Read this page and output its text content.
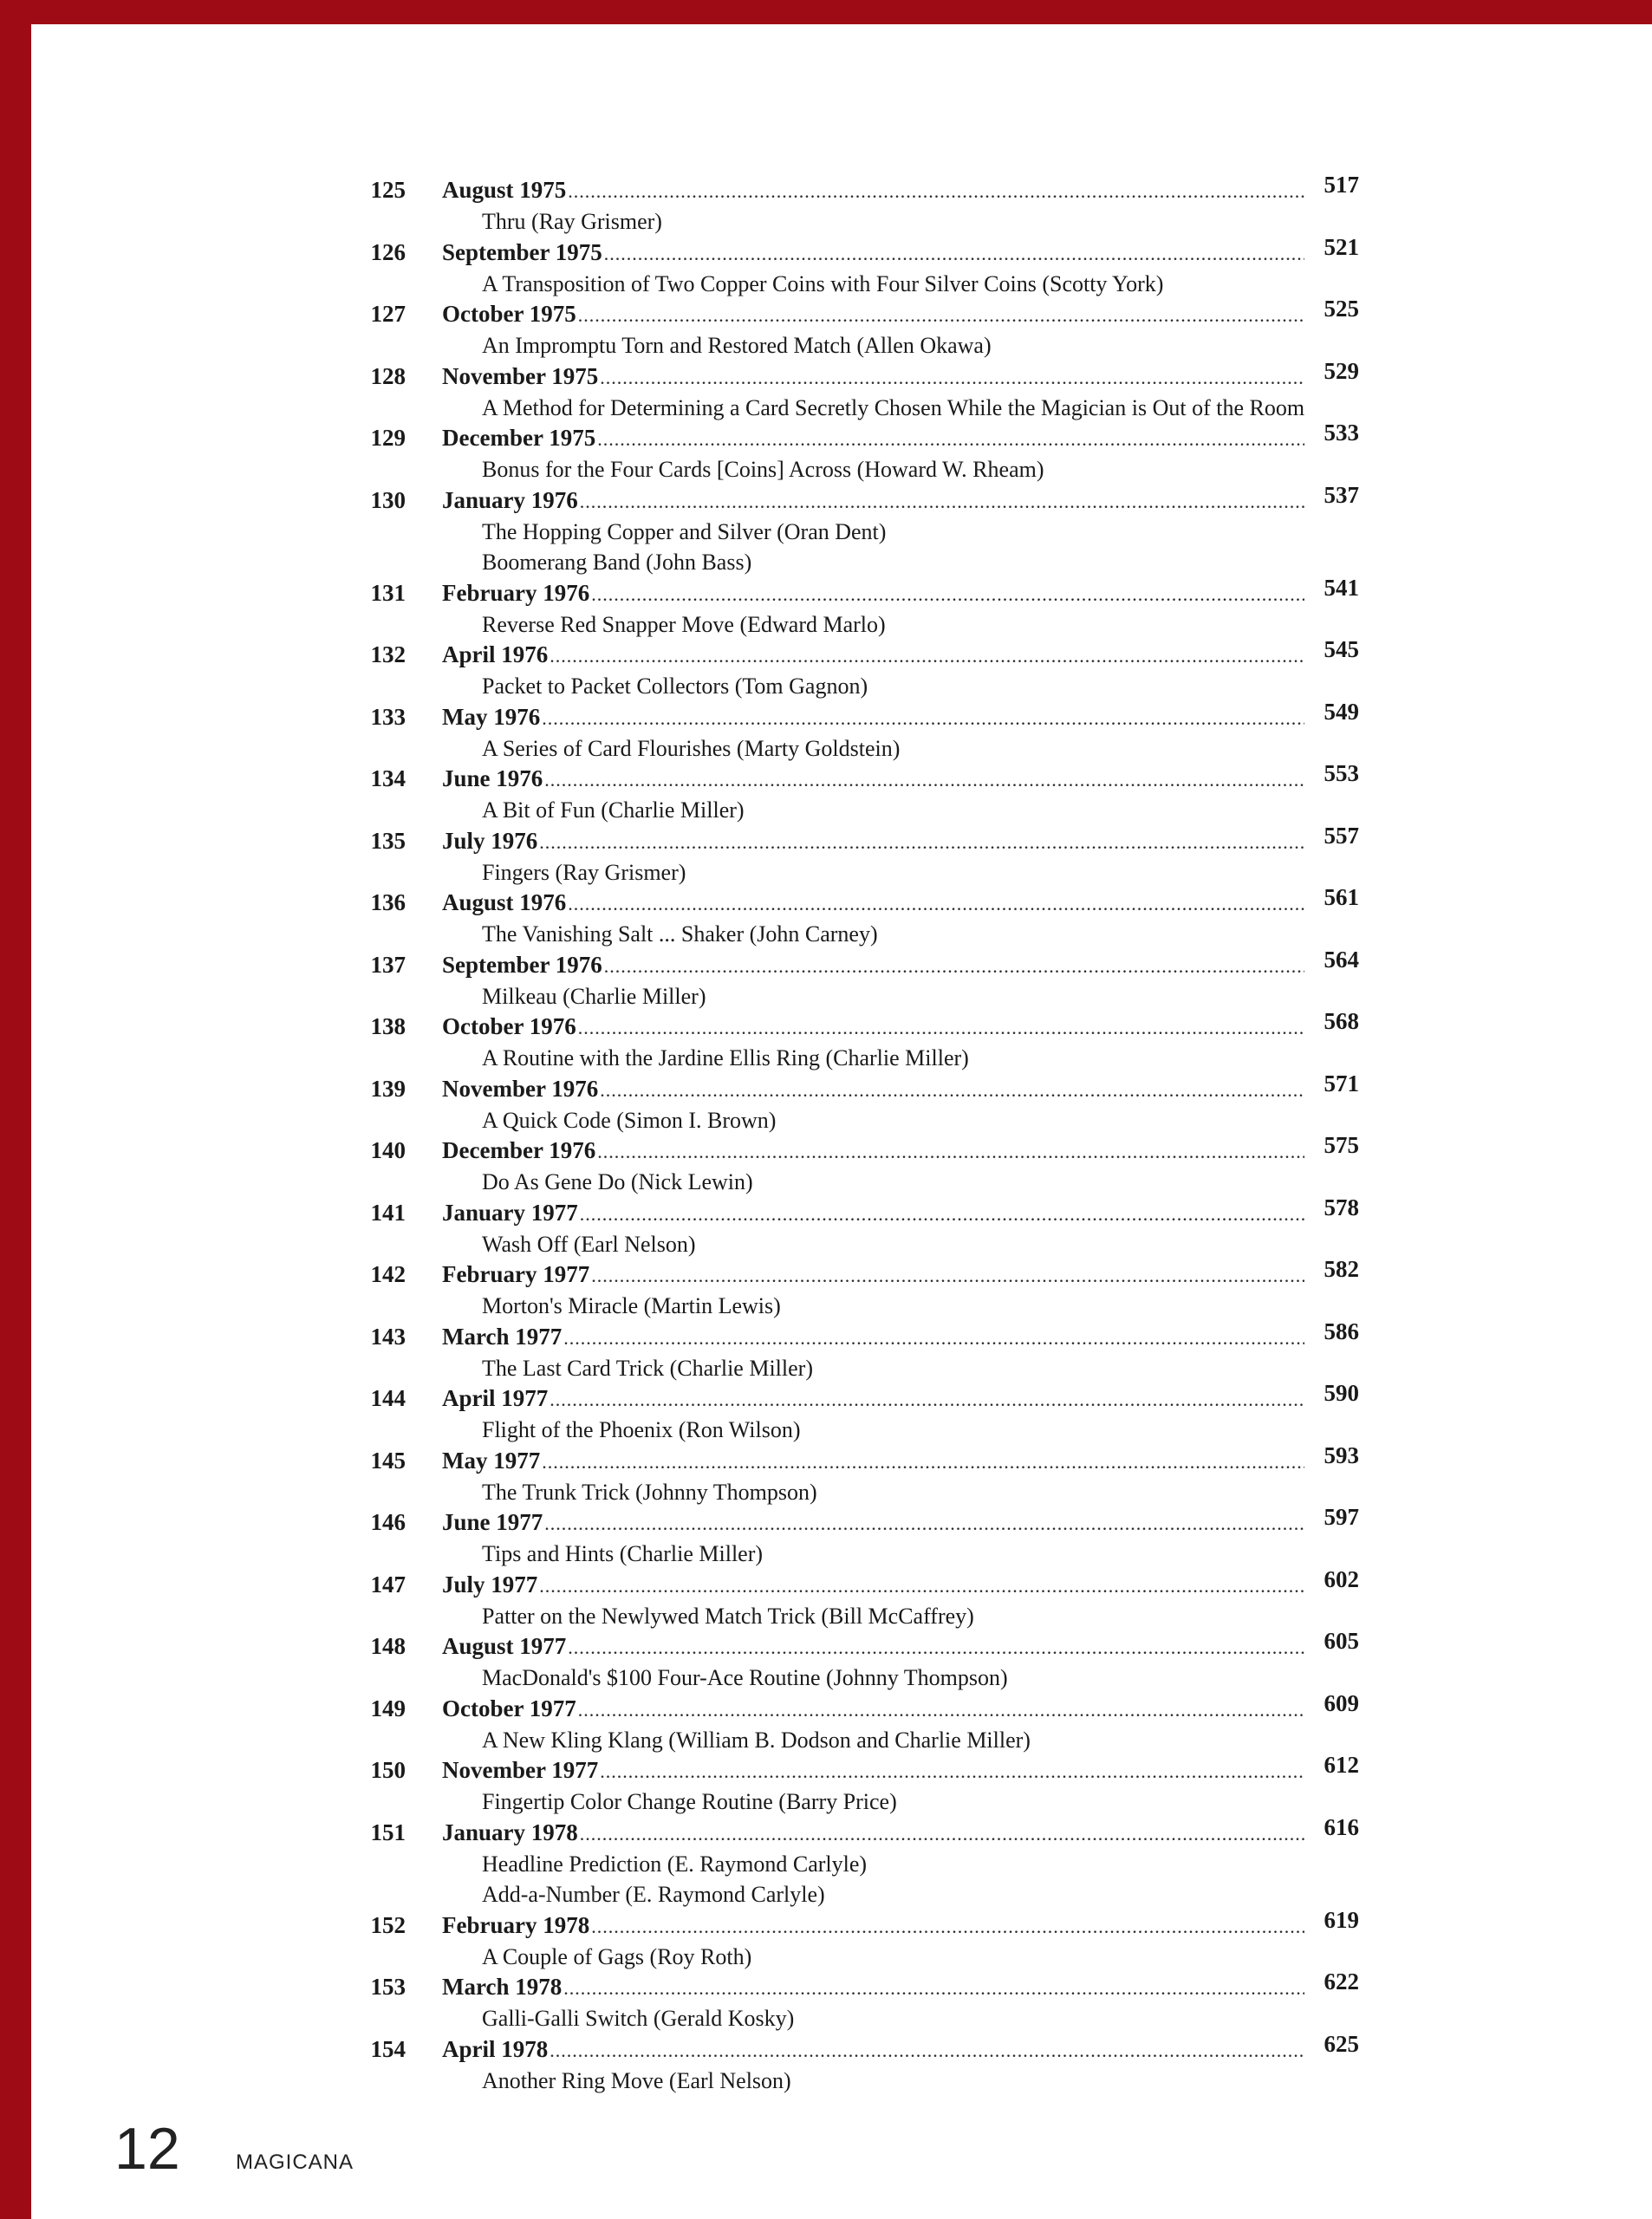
125 August 1975 .....	517
Thru (Ray Grismer)
126 September 1975 .....	521
A Transposition of Two Copper Coins with Four Silver Coins (Scotty York)
127 October 1975 .....	525
An Impromptu Torn and Restored Match (Allen Okawa)
128 November 1975 .....	529
A Method for Determining a Card Secretly Chosen While the Magician is Out of the Room
129 December 1975 .....	533
Bonus for the Four Cards [Coins] Across (Howard W. Rheam)
130 January 1976 .....	537
The Hopping Copper and Silver (Oran Dent)
Boomerang Band (John Bass)
131 February 1976 .....	541
Reverse Red Snapper Move (Edward Marlo)
132 April 1976 .....	545
Packet to Packet Collectors (Tom Gagnon)
133 May 1976 .....	549
A Series of Card Flourishes (Marty Goldstein)
134 June 1976 .....	553
A Bit of Fun (Charlie Miller)
135 July 1976 .....	557
Fingers (Ray Grismer)
136 August 1976 .....	561
The Vanishing Salt ... Shaker (John Carney)
137 September 1976 .....	564
Milkeau (Charlie Miller)
138 October 1976 .....	568
A Routine with the Jardine Ellis Ring (Charlie Miller)
139 November 1976 .....	571
A Quick Code (Simon I. Brown)
140 December 1976 .....	575
Do As Gene Do (Nick Lewin)
141 January 1977 .....	578
Wash Off (Earl Nelson)
142 February 1977 .....	582
Morton's Miracle (Martin Lewis)
143 March 1977 .....	586
The Last Card Trick (Charlie Miller)
144 April 1977 .....	590
Flight of the Phoenix (Ron Wilson)
145 May 1977 .....	593
The Trunk Trick (Johnny Thompson)
146 June 1977 .....	597
Tips and Hints (Charlie Miller)
147 July 1977 .....	602
Patter on the Newlywed Match Trick (Bill McCaffrey)
148 August 1977 .....	605
MacDonald's $100 Four-Ace Routine (Johnny Thompson)
149 October 1977 .....	609
A New Kling Klang (William B. Dodson and Charlie Miller)
150 November 1977 .....	612
Fingertip Color Change Routine (Barry Price)
151 January 1978 .....	616
Headline Prediction (E. Raymond Carlyle)
Add-a-Number (E. Raymond Carlyle)
152 February 1978 .....	619
A Couple of Gags (Roy Roth)
153 March 1978 .....	622
Galli-Galli Switch (Gerald Kosky)
154 April 1978 .....	625
Another Ring Move (Earl Nelson)
12	MAGICANA
